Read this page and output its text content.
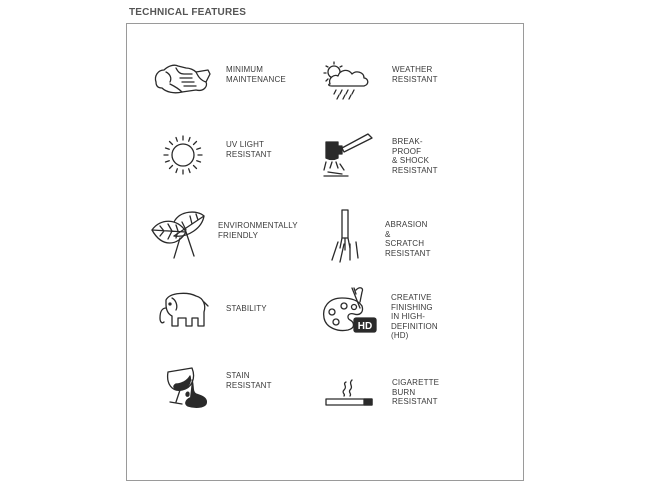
TECHNICAL FEATURES
MINIMUM
MAINTENANCE
WEATHER
RESISTANT
UV LIGHT
RESISTANT
BREAK-PROOF
& SHOCK
RESISTANT
ENVIRONMENTALLY
FRIENDLY
ABRASION
& SCRATCH
RESISTANT
STABILITY
HD
CREATIVE
FINISHING IN HIGH-
DEFINITION (HD)
STAIN
RESISTANT	CIGARETTE
BURN
RESISTANT
